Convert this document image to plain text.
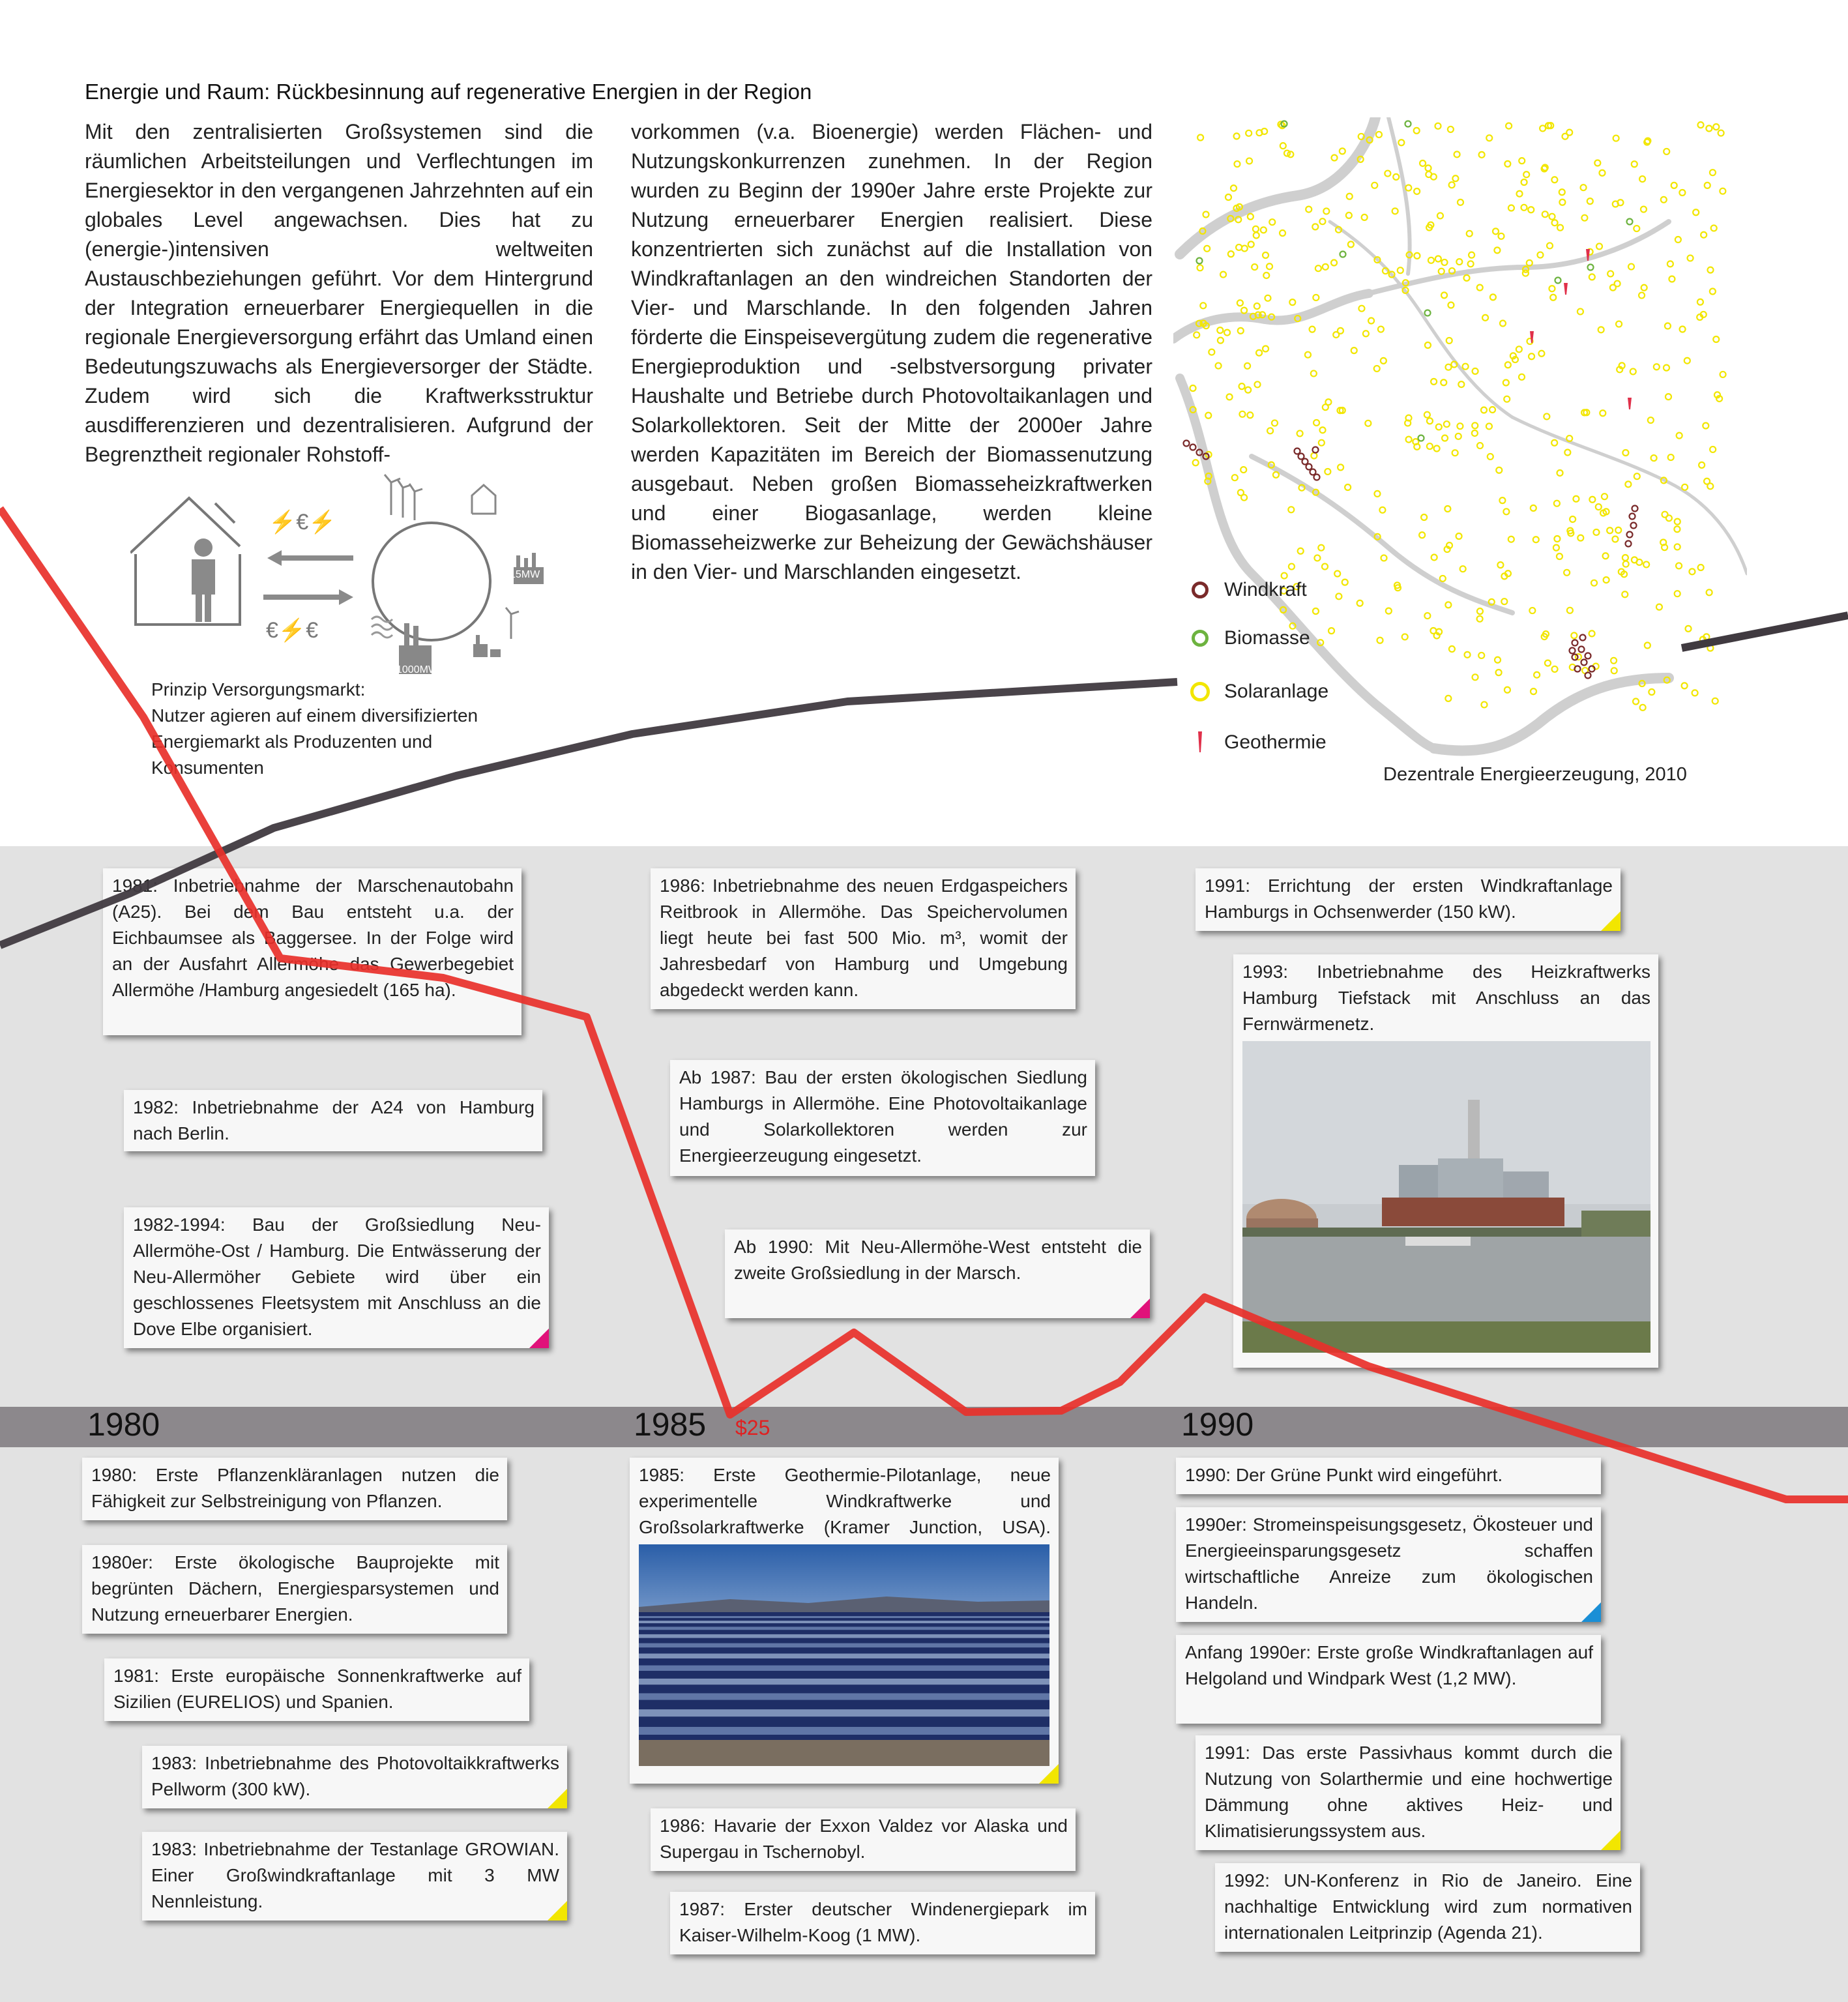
Energie und Raum: Rückbesinnung auf regenerative Energien in der Region
Mit den zentralisierten Großsystemen sind die räumlichen Arbeitsteilungen und Verflechtungen im Energiesektor in den vergangenen Jahrzehnten auf ein globales Level angewachsen. Dies hat zu (energie-)intensiven weltweiten Austauschbeziehungen geführt. Vor dem Hintergrund der Integration erneuerbarer Energiequellen in die regionale Energieversorgung erfährt das Umland einen Bedeutungszuwachs als Energieversorger der Städte. Zudem wird sich die Kraftwerksstruktur ausdifferenzieren und dezentralisieren. Aufgrund der Begrenztheit regionaler Rohstoff-
vorkommen (v.a. Bioenergie) werden Flächen- und Nutzungskonkurrenzen zunehmen. In der Region wurden zu Beginn der 1990er Jahre erste Projekte zur Nutzung erneuerbarer Energien realisiert. Diese konzentrierten sich zunächst auf die Installation von Windkraftanlagen an den windreichen Standorten der Vier- und Marschlande. In den folgenden Jahren förderte die Einspeisevergütung zudem die regenerative Energieproduktion und -selbstversorgung privater Haushalte und Betriebe durch Photovoltaikanlagen und Solarkollektoren. Seit der Mitte der 2000er Jahre werden Kapazitäten im Bereich der Biomassenutzung ausgebaut. Neben großen Biomasseheizkraftwerken und einer Biogasanlage, werden kleine Biomasseheizwerke zur Beheizung der Gewächshäuser in den Vier- und Marschlanden eingesetzt.
⚡€⚡
€⚡€
15MW
1000MW
Prinzip Versorgungsmarkt:
Nutzer agieren auf einem diversifizierten Energiemarkt als Produzenten und Konsumenten
Windkraft
Biomasse
Solaranlage
Geothermie
Dezentrale Energieerzeugung, 2010
1980	1985	1990
$25
1981: Inbetriebnahme der Marschenautobahn (A25). Bei dem Bau entsteht u.a. der Eichbaumsee als Baggersee. In der Folge wird an der Ausfahrt Allermöhe das Gewerbegebiet Allermöhe /Hamburg angesiedelt (165 ha).
1982: Inbetriebnahme der A24 von Hamburg nach Berlin.
1982-1994: Bau der Großsiedlung Neu-Allermöhe-Ost / Hamburg. Die Entwässerung der Neu-Allermöher Gebiete wird über ein geschlossenes Fleetsystem mit Anschluss an die Dove Elbe organisiert.
1986: Inbetriebnahme des neuen Erdgaspeichers Reitbrook in Allermöhe. Das Speichervolumen liegt heute bei fast 500 Mio. m³, womit der Jahresbedarf von Hamburg und Umgebung abgedeckt werden kann.
Ab 1987: Bau der ersten ökologischen Siedlung Hamburgs in Allermöhe. Eine Photovoltaikanlage und Solarkollektoren werden zur Energieerzeugung eingesetzt.
Ab 1990: Mit Neu-Allermöhe-West entsteht die zweite Großsiedlung in der Marsch.
1991: Errichtung der ersten Windkraftanlage Hamburgs in Ochsenwerder (150 kW).
1993: Inbetriebnahme des Heizkraftwerks Hamburg Tiefstack mit Anschluss an das Fernwärmenetz.
1980: Erste Pflanzenkläranlagen nutzen die Fähigkeit zur Selbstreinigung von Pflanzen.
1980er: Erste ökologische Bauprojekte mit begrünten Dächern, Energiesparsystemen und Nutzung erneuerbarer Energien.
1981: Erste europäische Sonnenkraftwerke auf Sizilien (EURELIOS) und Spanien.
1983: Inbetriebnahme des Photovoltaikkraftwerks Pellworm (300 kW).
1983: Inbetriebnahme der Testanlage GROWIAN. Einer Großwindkraftanlage mit 3 MW Nennleistung.
1985: Erste Geothermie-Pilotanlage, neue experimentelle Windkraftwerke und Großsolarkraftwerke (Kramer Junction, USA).
1986: Havarie der Exxon Valdez vor Alaska und Supergau in Tschernobyl.
1987: Erster deutscher Windenergiepark im Kaiser-Wilhelm-Koog (1 MW).
1990: Der Grüne Punkt wird eingeführt.
1990er: Stromeinspeisungsgesetz, Ökosteuer und Energieeinsparungsgesetz schaffen wirtschaftliche Anreize zum ökologischen Handeln.
Anfang 1990er: Erste große Windkraftanlagen auf Helgoland und Windpark West (1,2 MW).
1991: Das erste Passivhaus kommt durch die Nutzung von Solarthermie und eine hochwertige Dämmung ohne aktives Heiz- und Klimatisierungssystem aus.
1992: UN-Konferenz in Rio de Janeiro. Eine nachhaltige Entwicklung wird zum normativen internationalen Leitprinzip (Agenda 21).
